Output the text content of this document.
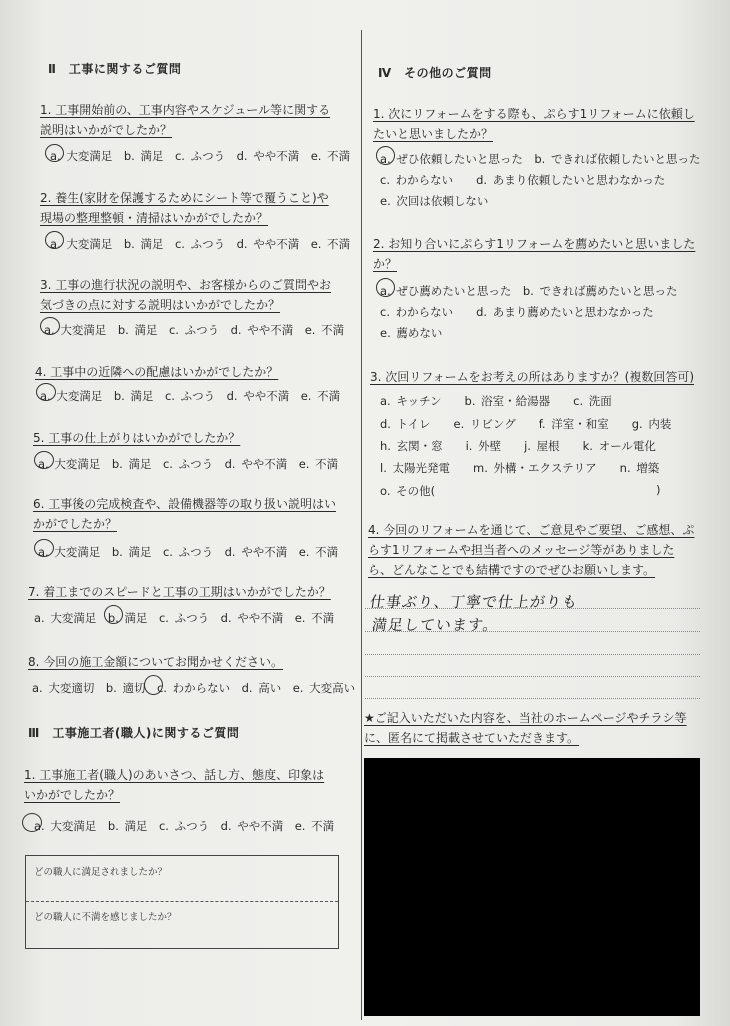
Ⅱ　工事に関するご質問
1. 工事開始前の、工事内容やスケジュール等に関する説明はいかがでしたか？
a. 大変満足　b. 満足　c. ふつう　d. やや不満　e. 不満
2. 養生(家財を保護するためにシート等で覆うこと)や現場の整理整頓・清掃はいかがでしたか？
a. 大変満足　b. 満足　c. ふつう　d. やや不満　e. 不満
3. 工事の進行状況の説明や、お客様からのご質問やお気づきの点に対する説明はいかがでしたか？
a. 大変満足　b. 満足　c. ふつう　d. やや不満　e. 不満
4. 工事中の近隣への配慮はいかがでしたか？
a. 大変満足　b. 満足　c. ふつう　d. やや不満　e. 不満
5. 工事の仕上がりはいかがでしたか？
a. 大変満足　b. 満足　c. ふつう　d. やや不満　e. 不満
6. 工事後の完成検査や、設備機器等の取り扱い説明はいかがでしたか？
a. 大変満足　b. 満足　c. ふつう　d. やや不満　e. 不満
7. 着工までのスピードと工事の工期はいかがでしたか？
a. 大変満足　b. 満足　c. ふつう　d. やや不満　e. 不満
8. 今回の施工金額についてお聞かせください。
a. 大変適切　b. 適切　c. わからない　d. 高い　e. 大変高い
Ⅲ　工事施工者(職人)に関するご質問
1. 工事施工者(職人)のあいさつ、話し方、態度、印象はいかがでしたか？
a. 大変満足　b. 満足　c. ふつう　d. やや不満　e. 不満
どの職人に満足されましたか？
どの職人に不満を感じましたか？
Ⅳ　その他のご質問
1. 次にリフォームをする際も、ぷらす1リフォームに依頼したいと思いましたか？
a. ぜひ依頼したいと思った　b. できれば依頼したいと思った
c. わからない　　d. あまり依頼したいと思わなかった
e. 次回は依頼しない
2. お知り合いにぷらす1リフォームを薦めたいと思いましたか？
a. ぜひ薦めたいと思った　b. できれば薦めたいと思った
c. わからない　　d. あまり薦めたいと思わなかった
e. 薦めない
3. 次回リフォームをお考えの所はありますか？(複数回答可)
a. キッチン　　b. 浴室・給湯器　　c. 洗面
d. トイレ　　e. リビング　　f. 洋室・和室　　g. 内装
h. 玄関・窓　　i. 外壁　　j. 屋根　　k. オール電化
l. 太陽光発電　　m. 外構・エクステリア　　n. 増築
o. その他(	)
4. 今回のリフォームを通じて、ご意見やご要望、ご感想、ぷらす1リフォームや担当者へのメッセージ等がありましたら、どんなことでも結構ですのでぜひお願いします。
仕事ぶり、丁寧で仕上がりも
満足しています。
★ご記入いただいた内容を、当社のホームページやチラシ等に、匿名にて掲載させていただきます。
